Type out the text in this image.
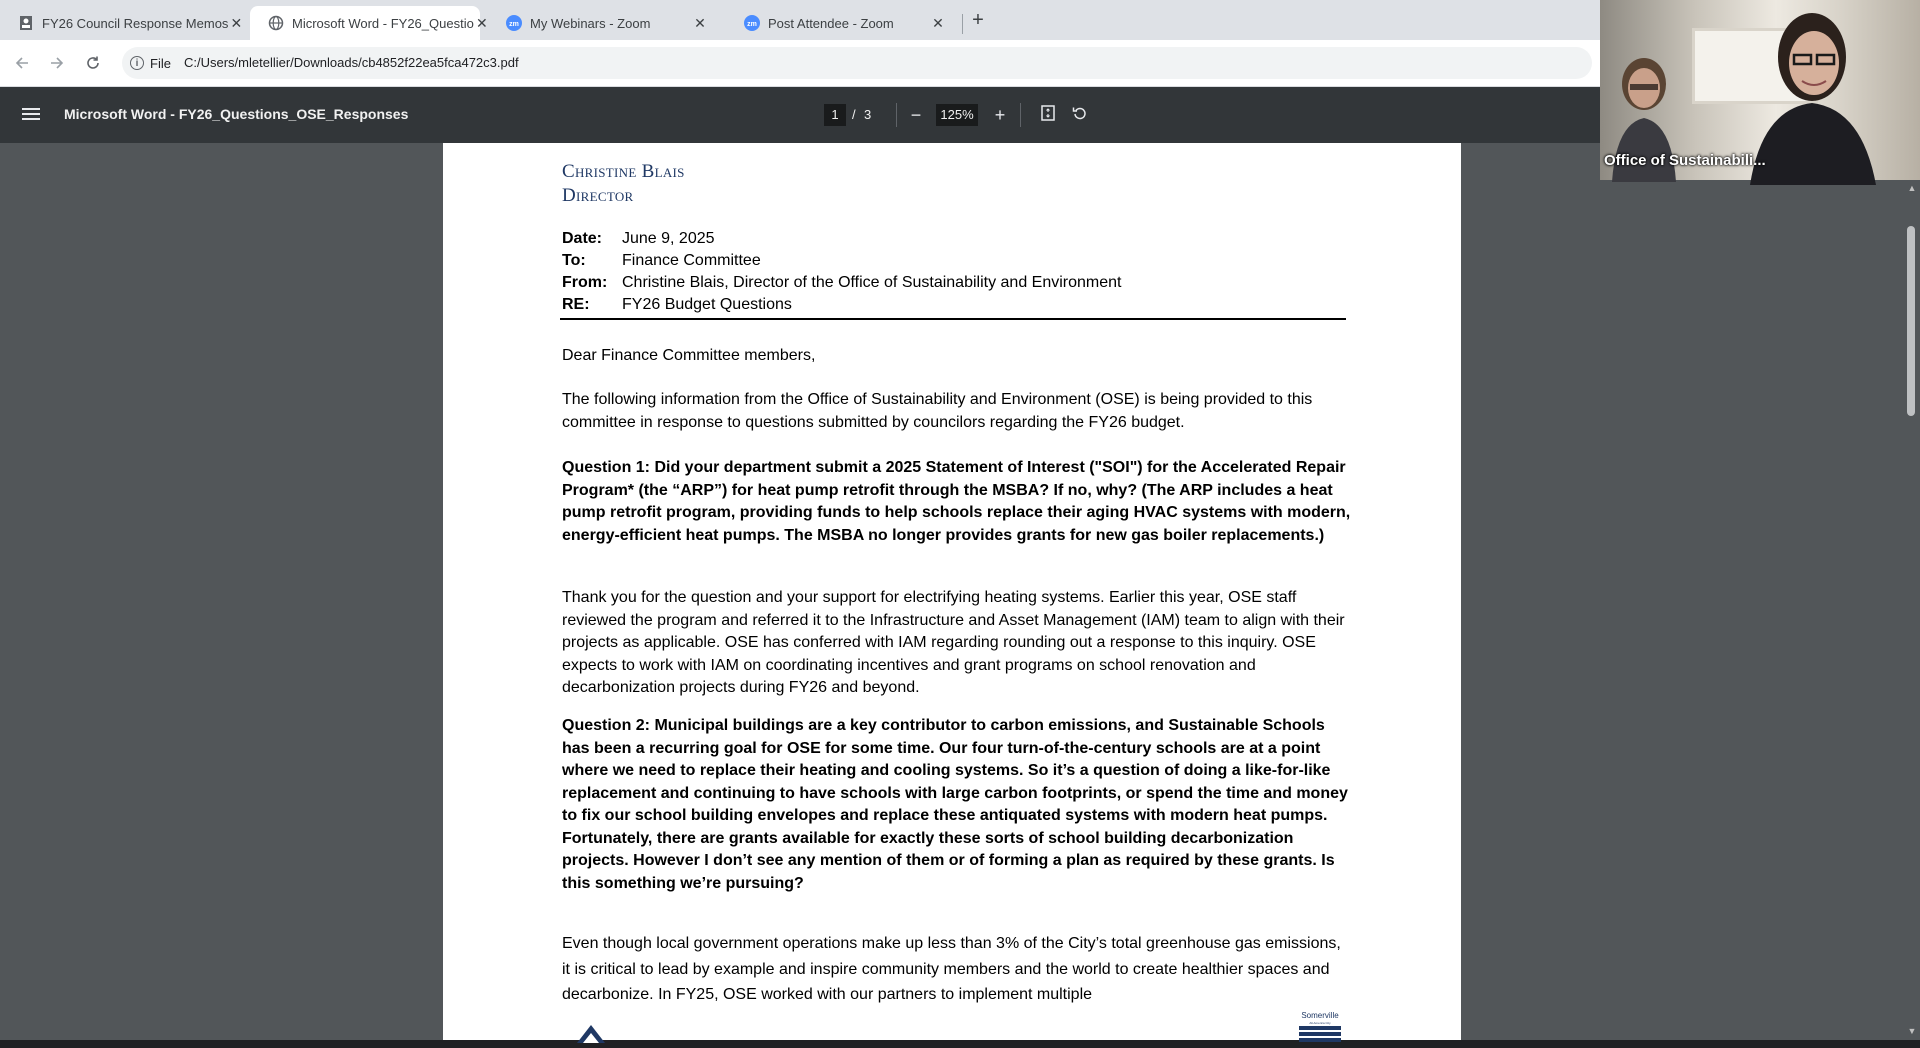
FY26 Council Response Memos ✕	Microsoft Word - FY26_Questio ✕	zm My Webinars - Zoom	✕	zm Post Attendee - Zoom	✕ +
i File C:/Users/mletellier/Downloads/cb4852f22ea5fca472c3.pdf
Microsoft Word - FY26_Questions_OSE_Responses	1	/ 3	−	125%	+
Christine Blais
Director
Date: June 9, 2025
To: Finance Committee
From: Christine Blais, Director of the Office of Sustainability and Environment
RE: FY26 Budget Questions
Dear Finance Committee members,
The following information from the Office of Sustainability and Environment (OSE) is being provided to this committee in response to questions submitted by councilors regarding the FY26 budget.
Question 1: Did your department submit a 2025 Statement of Interest ("SOI") for the Accelerated Repair Program* (the “ARP”) for heat pump retrofit through the MSBA? If no, why? (The ARP includes a heat pump retrofit program, providing funds to help schools replace their aging HVAC systems with modern, energy-efficient heat pumps. The MSBA no longer provides grants for new gas boiler replacements.)
Thank you for the question and your support for electrifying heating systems. Earlier this year, OSE staff reviewed the program and referred it to the Infrastructure and Asset Management (IAM) team to align with their projects as applicable. OSE has conferred with IAM regarding rounding out a response to this inquiry. OSE expects to work with IAM on coordinating incentives and grant programs on school renovation and decarbonization projects during FY26 and beyond.
Question 2: Municipal buildings are a key contributor to carbon emissions, and Sustainable Schools has been a recurring goal for OSE for some time. Our four turn-of-the-century schools are at a point where we need to replace their heating and cooling systems. So it’s a question of doing a like-for-like replacement and continuing to have schools with large carbon footprints, or spend the time and money to fix our school building envelopes and replace these antiquated systems with modern heat pumps. Fortunately, there are grants available for exactly these sorts of school building decarbonization projects. However I don’t see any mention of them or of forming a plan as required by these grants. Is this something we’re pursuing?
Even though local government operations make up less than 3% of the City’s total greenhouse gas emissions, it is critical to lead by example and inspire community members and the world to create healthier spaces and decarbonize. In FY25, OSE worked with our partners to implement multiple
Somerville
All-America City
▲
▼
Office of Sustainabili...
